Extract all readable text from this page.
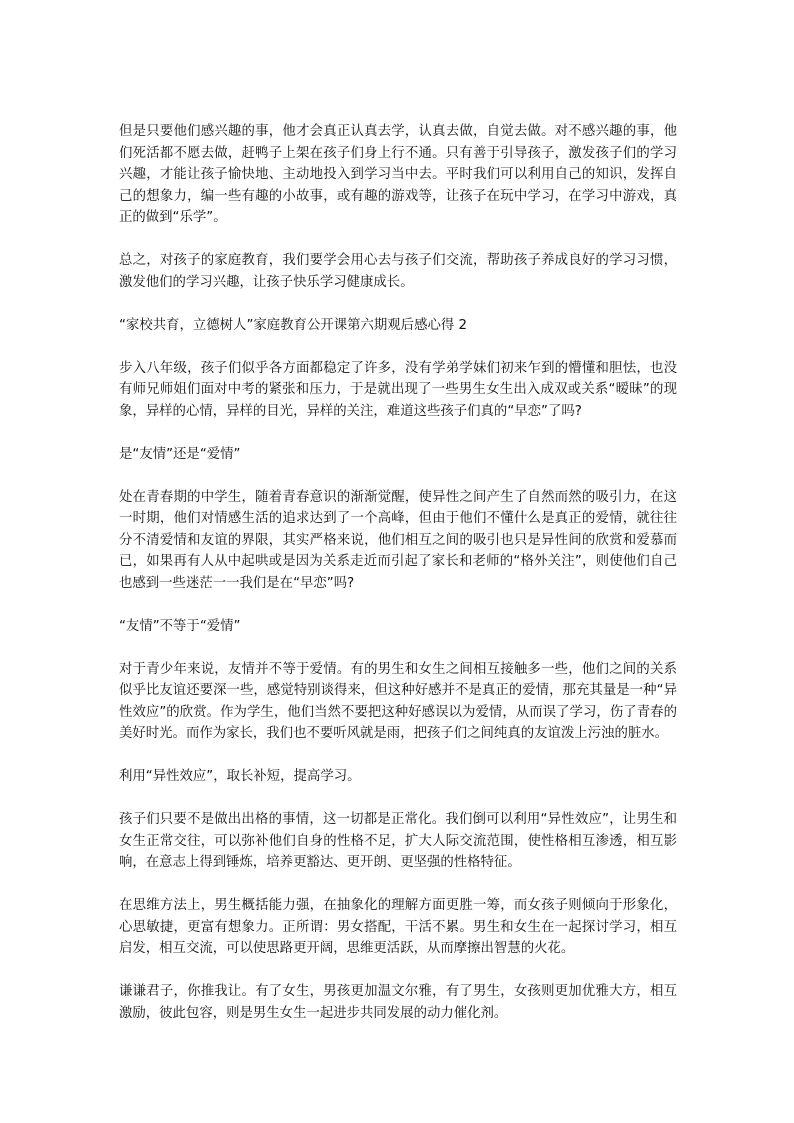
但是只要他们感兴趣的事，他才会真正认真去学，认真去做，自觉去做。对不感兴趣的事，他们死活都不愿去做，赶鸭子上架在孩子们身上行不通。只有善于引导孩子，激发孩子们的学习兴趣，才能让孩子愉快地、主动地投入到学习当中去。平时我们可以利用自己的知识，发挥自己的想象力，编一些有趣的小故事，或有趣的游戏等，让孩子在玩中学习，在学习中游戏，真正的做到“乐学”。

总之，对孩子的家庭教育，我们要学会用心去与孩子们交流，帮助孩子养成良好的学习习惯，激发他们的学习兴趣，让孩子快乐学习健康成长。

“家校共育，立德树人”家庭教育公开课第六期观后感心得 2

步入八年级，孩子们似乎各方面都稳定了许多，没有学弟学妹们初来乍到的懵懂和胆怯，也没有师兄师姐们面对中考的紧张和压力，于是就出现了一些男生女生出入成双或关系“暧昧”的现象，异样的心情，异样的目光，异样的关注，难道这些孩子们真的“早恋”了吗?

是“友情”还是“爱情”

处在青春期的中学生，随着青春意识的渐渐觉醒，使异性之间产生了自然而然的吸引力，在这一时期，他们对情感生活的追求达到了一个高峰，但由于他们不懂什么是真正的爱情，就往往分不清爱情和友谊的界限，其实严格来说，他们相互之间的吸引也只是异性间的欣赏和爱慕而已，如果再有人从中起哄或是因为关系走近而引起了家长和老师的“格外关注”，则使他们自己也感到一些迷茫一一我们是在“早恋”吗?

“友情”不等于“爱情”

对于青少年来说，友情并不等于爱情。有的男生和女生之间相互接触多一些，他们之间的关系似乎比友谊还要深一些，感觉特别谈得来，但这种好感并不是真正的爱情，那充其量是一种“异性效应”的欣赏。作为学生，他们当然不要把这种好感误以为爱情，从而误了学习，伤了青春的美好时光。而作为家长，我们也不要听风就是雨，把孩子们之间纯真的友谊泼上污浊的脏水。

利用“异性效应”，取长补短，提高学习。

孩子们只要不是做出出格的事情，这一切都是正常化。我们倒可以利用“异性效应”，让男生和女生正常交往，可以弥补他们自身的性格不足，扩大人际交流范围，使性格相互渗透，相互影响，在意志上得到锤炼，培养更豁达、更开朗、更坚强的性格特征。

在思维方法上，男生概括能力强，在抽象化的理解方面更胜一筹，而女孩子则倾向于形象化，心思敏捷，更富有想象力。正所谓：男女搭配，干活不累。男生和女生在一起探讨学习，相互启发，相互交流，可以使思路更开阔，思维更活跃，从而摩擦出智慧的火花。

谦谦君子，你推我让。有了女生，男孩更加温文尔雅，有了男生，女孩则更加优雅大方，相互激励，彼此包容，则是男生女生一起进步共同发展的动力催化剂。
